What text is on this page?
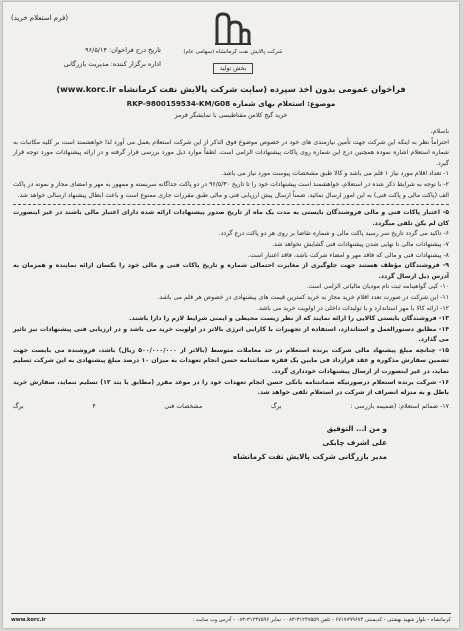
(فرم استعلام خرید)
شرکت پالایش نفت کرمانشاه (سهامی عام)
بخش تولید
تاریخ درج فراخوان: ۹۶/۵/۱۴
اداره برگزار کننده: مدیریت بازرگانی
فراخوان عمومی بدون اخذ سپرده (سایت شرکت پالایش نفت کرمانشاه www.korc.ir)
موضوع: استعلام بهای شماره RKP-9800159534-KM/G08
خرید گیج کلاس مقناطیسی با نمایشگر قرمز

باسلام،

احتراماً نظر به اینکه این شرکت جهت تأمین نیازمندی های خود در خصوص موضوع فوق الذکر از این شرکت استعلام بعمل می آورد لذا خواهشمند است بر کلیه مکاتبات به شماره استعلام اشاره نموده همچنین درج این شماره روی پاکات پیشنهادات الزامی است. لطفاً موارد ذیل مورد بررسی قرار گرفته و در ارائه پیشنهادات مورد توجه قرار گیرد.

۱- تعداد اقلام مورد نیاز ۱ قلم می باشد و کالا طبق مشخصات پیوست مورد نیاز می باشد.

۲- با توجه به شرایط ذکر شده در استعلام، خواهشمند است پیشنهادات خود را تا تاریخ ۹۶/۵/۳۰ در دو پاکت جداگانه سربسته و ممهور به مهر و امضای مجاز و نمونه در پاکت الف (پاکت مالی و پاکت فنی) به این امور ارسال نمائید. ضمناً ارسال پیش ارزیابی فنی و مالی طبق مقررات جاری ممنوع است و باعث ابطال پیشنهاد ارسالی خواهد شد.

۵- اعتبار پاکات فنی و مالی فروشندگان بایستی به مدت یک ماه از تاریخ صدور پیشنهادات ارائه شده دارای اعتبار مالی باشند در غیر اینصورت کان لم یکن تلقی میگردد.

۶- تاکید می گردد تاریخ سر رسید پاکت مالی و شماره تقاضا بر روی هر دو پاکت درج گردد.

۷- پیشنهادات مالی تا نهایی شدن پیشنهادات فنی گشایش نخواهد شد.

۸- پیشنهادات فنی و مالی که فاقد مهر و امضاء شرکت باشد، فاقد اعتبار است.

۹- فروشندگان مؤظف هستند جهت جلوگیری از مغایرت احتمالی شماره و تاریخ پاکات فنی و مالی خود را یکسان ارائه نماینده و همزمان به آدرس ذیل ارسال گردد.

۱۰- کپی گواهینامه ثبت نام مودیان مالیاتی الزامی است.

۱۱- این شرکت در صورت تعدد اقلام خرید مجاز به خرید کمترین قیمت های پیشنهادی در خصوص هر قلم می باشد.

۱۲- ارائه کالا با مهر استاندارد و یا تولیدات داخلی در اولویت خرید می باشد.

۱۳- فروشندگان بایستی کالایی را ارائه نمایند که از نظر زیست محیطی و ایمنی شرایط لازم را دارا باشند.

۱۴- مطابق دستورالعمل و استاندارد، استفاده از تجهیزات با کارایی انرژی بالاتر در اولویت خرید می باشد و در ارزیابی فنی پیشنهادات نیز تاثیر می گذارد.

۱۵- چنانچه مبلغ پیشنهاد مالی شرکت برنده استعلام در حد معاملات متوسط (بالاتر از ۵۰۰/۰۰۰/۰۰۰ ریال) باشد، فروشنده می بایست جهت تضمین سفارش مذکوره و عقد قرارداد فی مابین یک فقره ضمانتنامه حسن انجام تعهدات به میزان ۱۰ درصد مبلغ پیشنهادی به این شرکت تسلیم نماید، در غیر اینصورت از ارسال پیشنهادات خودداری گردد.

۱۶- شرکت برنده استعلام درصورتیکه ضمانتنامه بانکی حسن انجام تعهدات خود را در موعد مقرر (مطابق با بند ۱۲) تسلیم ننماید، سفارش خرید باطل و به منزله انصراف از شرکت در استعلام تلقی خواهد شد.

۱۷- ضمائم استعلام: (ضمیمه بازرسی :
برگ
مشخصات فنی
۴
برگ
و من ا... التوفیق
علی اشرف چابکی
مدیر بازرگانی شرکت پالایش نفت کرمانشاه
کرمانشاه - بلوار شهید بهشتی - کدپستی ۶۷۱۷۷۹۹۶۷۴ - تلفن ۳۱۲۴۷۵۵۹-۰۸۳ - نمابر ۳۱۲۴۷۵۹۶-۰۸۳ - آدرس وب سایت :
www.korc.ir
